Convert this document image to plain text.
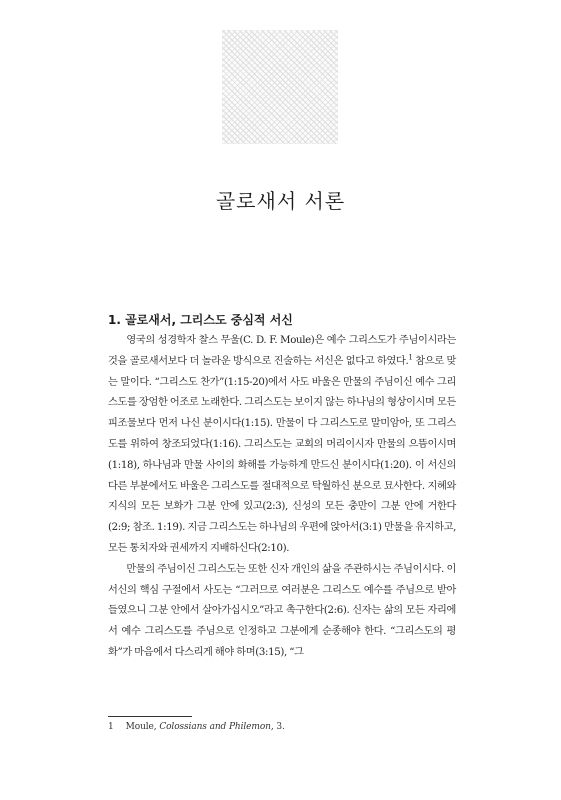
골로새서 서론
1. 골로새서, 그리스도 중심적 서신

영국의 성경학자 찰스 무울(C. D. F. Moule)은 예수 그리스도가 주님이시라는 것을 골로새서보다 더 놀라운 방식으로 진술하는 서신은 없다고 하였다.$^1$ 참으로 맞는 말이다. “그리스도 찬가”(1:15-20)에서 사도 바울은 만물의 주님이신 예수 그리스도를 장엄한 어조로 노래한다. 그리스도는 보이지 않는 하나님의 형상이시며 모든 피조물보다 먼저 나신 분이시다(1:15). 만물이 다 그리스도로 말미암아, 또 그리스도를 위하여 창조되었다(1:16). 그리스도는 교회의 머리이시자 만물의 으뜸이시며(1:18), 하나님과 만물 사이의 화해를 가능하게 만드신 분이시다(1:20). 이 서신의 다른 부분에서도 바울은 그리스도를 절대적으로 탁월하신 분으로 묘사한다. 지혜와 지식의 모든 보화가 그분 안에 있고(2:3), 신성의 모든 충만이 그분 안에 거한다(2:9; 참조. 1:19). 지금 그리스도는 하나님의 우편에 앉아서(3:1) 만물을 유지하고, 모든 통치자와 권세까지 지배하신다(2:10).

만물의 주님이신 그리스도는 또한 신자 개인의 삶을 주관하시는 주님이시다. 이 서신의 핵심 구절에서 사도는 “그러므로 여러분은 그리스도 예수를 주님으로 받아들였으니 그분 안에서 살아가십시오”라고 촉구한다(2:6). 신자는 삶의 모든 자리에서 예수 그리스도를 주님으로 인정하고 그분에게 순종해야 한다. “그리스도의 평화”가 마음에서 다스리게 해야 하며(3:15), “그

1 Moule, Colossians and Philemon, 3.
